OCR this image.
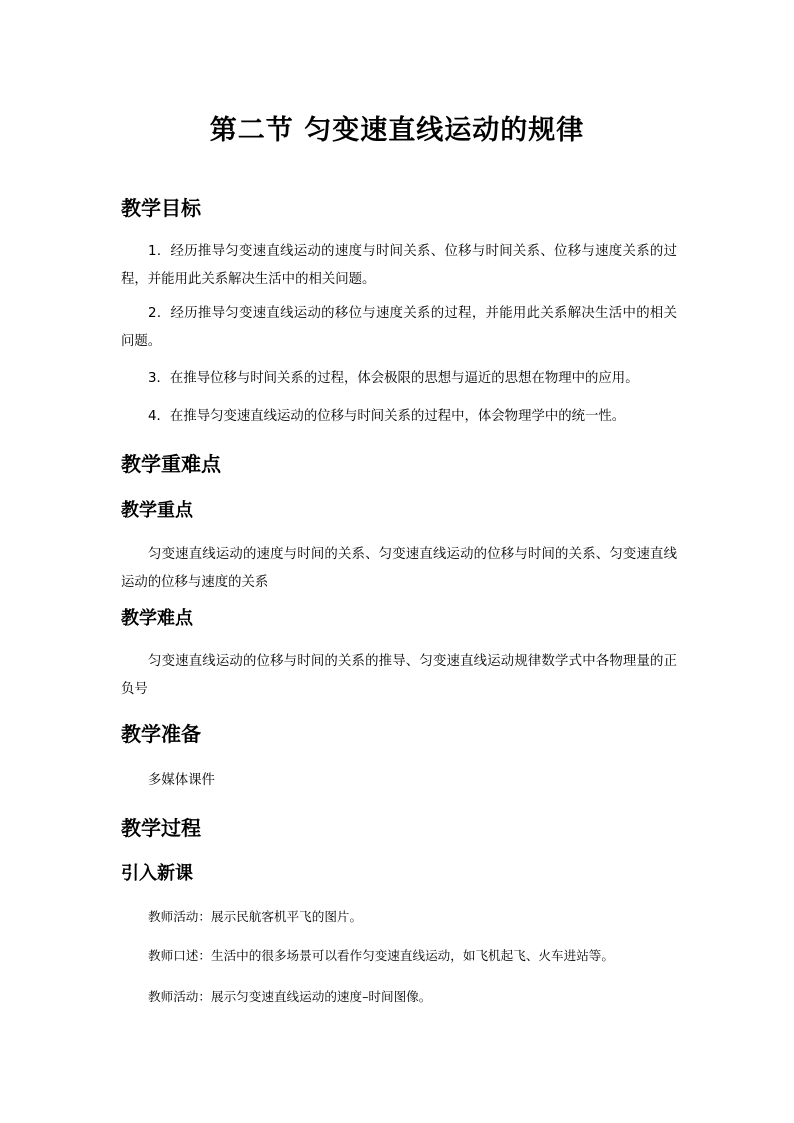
第二节 匀变速直线运动的规律
教学目标
1．经历推导匀变速直线运动的速度与时间关系、位移与时间关系、位移与速度关系的过程，并能用此关系解决生活中的相关问题。
2．经历推导匀变速直线运动的移位与速度关系的过程，并能用此关系解决生活中的相关问题。
3．在推导位移与时间关系的过程，体会极限的思想与逼近的思想在物理中的应用。
4．在推导匀变速直线运动的位移与时间关系的过程中，体会物理学中的统一性。
教学重难点
教学重点
匀变速直线运动的速度与时间的关系、匀变速直线运动的位移与时间的关系、匀变速直线运动的位移与速度的关系
教学难点
匀变速直线运动的位移与时间的关系的推导、匀变速直线运动规律数学式中各物理量的正负号
教学准备
多媒体课件
教学过程
引入新课
教师活动：展示民航客机平飞的图片。
教师口述：生活中的很多场景可以看作匀变速直线运动，如飞机起飞、火车进站等。
教师活动：展示匀变速直线运动的速度–时间图像。
